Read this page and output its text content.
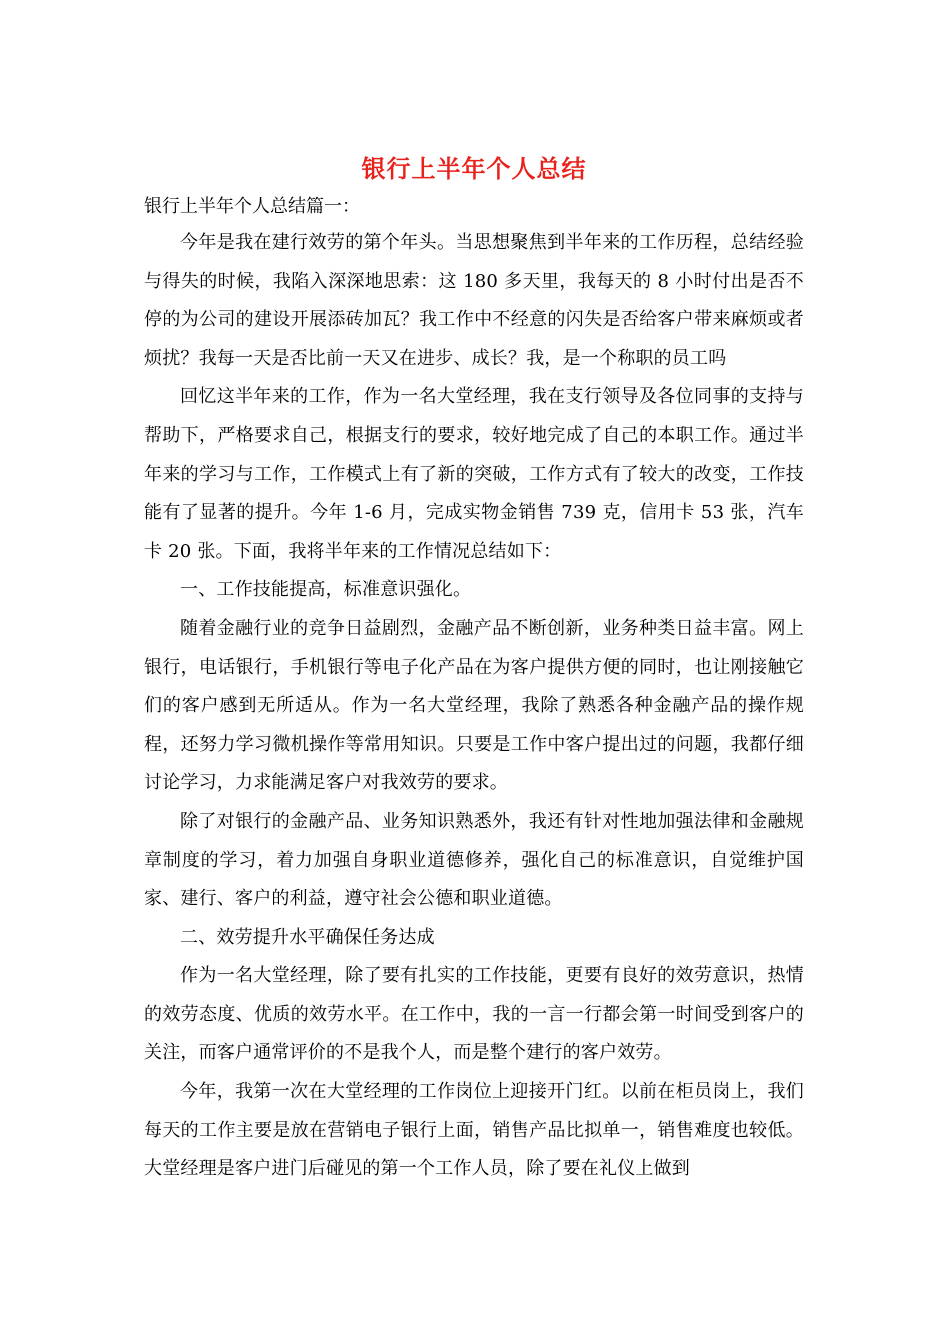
银行上半年个人总结

银行上半年个人总结篇一：

今年是我在建行效劳的第个年头。当思想聚焦到半年来的工作历程，总结经验与得失的时候，我陷入深深地思索：这 180 多天里，我每天的 8 小时付出是否不停的为公司的建设开展添砖加瓦？我工作中不经意的闪失是否给客户带来麻烦或者烦扰？我每一天是否比前一天又在进步、成长？我，是一个称职的员工吗

回忆这半年来的工作，作为一名大堂经理，我在支行领导及各位同事的支持与帮助下，严格要求自己，根据支行的要求，较好地完成了自己的本职工作。通过半年来的学习与工作，工作模式上有了新的突破，工作方式有了较大的改变，工作技能有了显著的提升。今年 1-6 月，完成实物金销售 739 克，信用卡 53 张，汽车卡 20 张。下面，我将半年来的工作情况总结如下：

一、工作技能提高，标准意识强化。

随着金融行业的竞争日益剧烈，金融产品不断创新，业务种类日益丰富。网上银行，电话银行，手机银行等电子化产品在为客户提供方便的同时，也让刚接触它们的客户感到无所适从。作为一名大堂经理，我除了熟悉各种金融产品的操作规程，还努力学习微机操作等常用知识。只要是工作中客户提出过的问题，我都仔细讨论学习，力求能满足客户对我效劳的要求。

除了对银行的金融产品、业务知识熟悉外，我还有针对性地加强法律和金融规章制度的学习，着力加强自身职业道德修养，强化自己的标准意识，自觉维护国家、建行、客户的利益，遵守社会公德和职业道德。

二、效劳提升水平确保任务达成

作为一名大堂经理，除了要有扎实的工作技能，更要有良好的效劳意识，热情的效劳态度、优质的效劳水平。在工作中，我的一言一行都会第一时间受到客户的关注，而客户通常评价的不是我个人，而是整个建行的客户效劳。

今年，我第一次在大堂经理的工作岗位上迎接开门红。以前在柜员岗上，我们每天的工作主要是放在营销电子银行上面，销售产品比拟单一，销售难度也较低。大堂经理是客户进门后碰见的第一个工作人员，除了要在礼仪上做到
